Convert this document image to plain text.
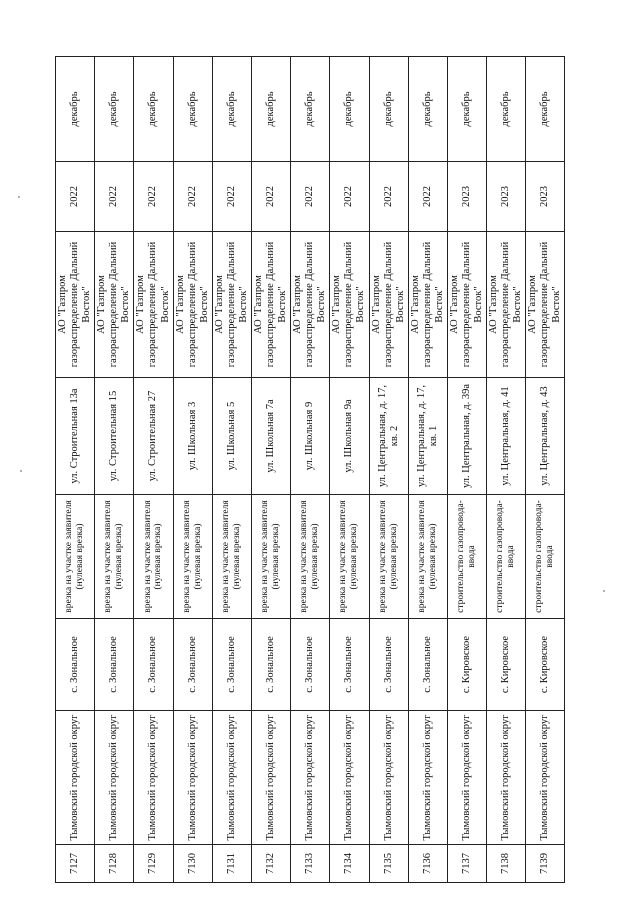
7127	Тымовский городской округ	с. Зональное	врезка на участке заявителя (нулевая врезка)	ул. Строительная 13а	АО "Газпром газораспределение Дальний Восток"	2022	декабрь
7128	Тымовский городской округ	с. Зональное	врезка на участке заявителя (нулевая врезка)	ул. Строительная 15	АО "Газпром газораспределение Дальний Восток"	2022	декабрь
7129	Тымовский городской округ	с. Зональное	врезка на участке заявителя (нулевая врезка)	ул. Строительная 27	АО "Газпром газораспределение Дальний Восток"	2022	декабрь
7130	Тымовский городской округ	с. Зональное	врезка на участке заявителя (нулевая врезка)	ул. Школьная 3	АО "Газпром газораспределение Дальний Восток"	2022	декабрь
7131	Тымовский городской округ	с. Зональное	врезка на участке заявителя (нулевая врезка)	ул. Школьная 5	АО "Газпром газораспределение Дальний Восток"	2022	декабрь
7132	Тымовский городской округ	с. Зональное	врезка на участке заявителя (нулевая врезка)	ул. Школьная 7а	АО "Газпром газораспределение Дальний Восток"	2022	декабрь
7133	Тымовский городской округ	с. Зональное	врезка на участке заявителя (нулевая врезка)	ул. Школьная 9	АО "Газпром газораспределение Дальний Восток"	2022	декабрь
7134	Тымовский городской округ	с. Зональное	врезка на участке заявителя (нулевая врезка)	ул. Школьная 9а	АО "Газпром газораспределение Дальний Восток"	2022	декабрь
7135	Тымовский городской округ	с. Зональное	врезка на участке заявителя (нулевая врезка)	ул. Центральная, д. 17, кв. 2	АО "Газпром газораспределение Дальний Восток"	2022	декабрь
7136	Тымовский городской округ	с. Зональное	врезка на участке заявителя (нулевая врезка)	ул. Центральная, д. 17, кв. 1	АО "Газпром газораспределение Дальний Восток"	2022	декабрь
7137	Тымовский городской округ	с. Кировское	строительство газопровода-ввода	ул. Центральная, д. 39а	АО "Газпром газораспределение Дальний Восток"	2023	декабрь
7138	Тымовский городской округ	с. Кировское	строительство газопровода-ввода	ул. Центральная, д. 41	АО "Газпром газораспределение Дальний Восток"	2023	декабрь
7139	Тымовский городской округ	с. Кировское	строительство газопровода-ввода	ул. Центральная, д. 43	АО "Газпром газораспределение Дальний Восток"	2023	декабрь
